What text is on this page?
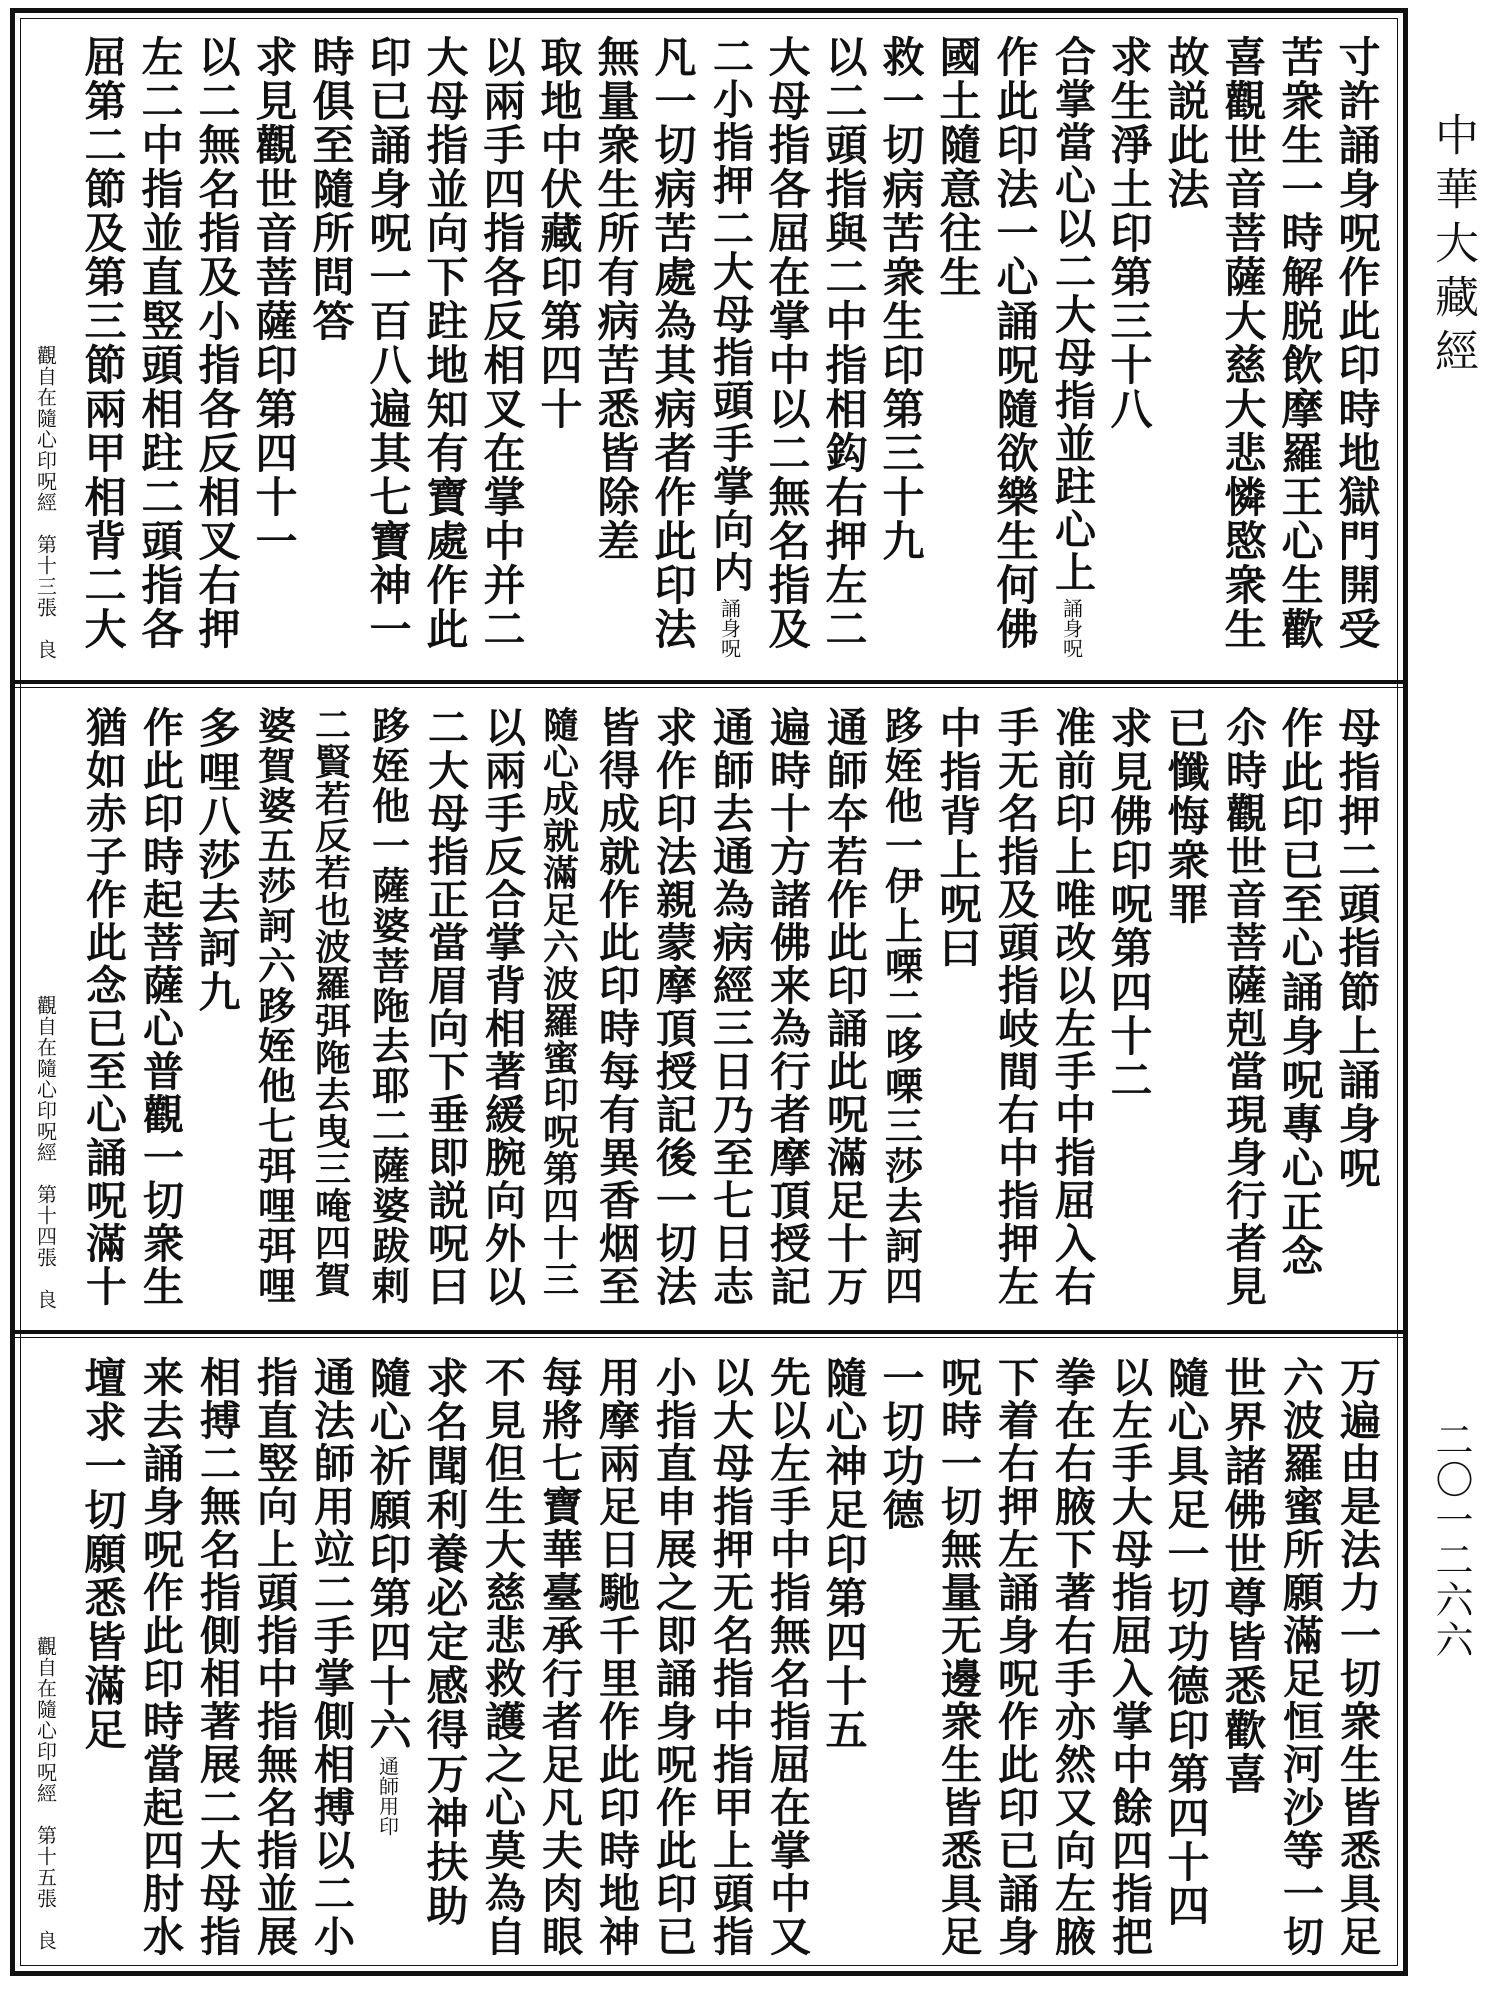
寸許誦身呪作此印時地獄門開受
苦衆生一時解脱飲摩羅王心生歡
喜觀世音菩薩大慈大悲憐愍衆生
故説此法
求生淨土印第三十八
合掌當心以二大母指並跓心上
誦身呪
作此印法一心誦呪隨欲樂生何佛
國土隨意往生
救一切病苦衆生印第三十九
以二頭指與二中指相鈎右押左二
大母指各屈在掌中以二無名指及
二小指押二大母指頭手掌向内
誦身呪
凡一切病苦處為其病者作此印法
無量衆生所有病苦悉皆除差
取地中伏藏印第四十
以兩手四指各反相叉在掌中并二
大母指並向下跓地知有寶處作此
印已誦身呪一百八遍其七寶神一
時俱至隨所問答
求見觀世音菩薩印第四十一
以二無名指及小指各反相叉右押
左二中指並直竪頭相跓二頭指各
屈第二節及第三節兩甲相背二大
觀自在隨心印呪經　第十三張　良
母指押二頭指節上誦身呪
作此印已至心誦身呪專心正念
尒時觀世音菩薩剋當現身行者見
已懺悔衆罪
求見佛印呪第四十二
准前印上唯改以左手中指屈入右
手无名指及頭指岐間右中指押左
中指背上呪曰
跢姪他一伊上㗚二哆㗚三莎去訶四
通師夲若作此印誦此呪滿足十万
遍時十方諸佛来為行者摩頂授記
通師去通為病經三日乃至七日志
求作印法親蒙摩頂授記後一切法
皆得成就作此印時每有異香烟至
隨心成就滿足六波羅蜜印呪第四十三
以兩手反合掌背相著緩腕向外以
二大母指正當眉向下垂即説呪曰
跢姪他一薩婆菩陁去耶二薩婆跋剌
二賢若反若也波羅弭陁去曳三唵四賀
婆賀婆五莎訶六跢姪他七弭哩弭哩
多哩八莎去訶九
作此印時起菩薩心普觀一切衆生
猶如赤子作此念已至心誦呪滿十
觀自在隨心印呪經　第十四張　良
万遍由是法力一切衆生皆悉具足
六波羅蜜所願滿足恒河沙等一切
世界諸佛世尊皆悉歡喜
隨心具足一切功德印第四十四
以左手大母指屈入掌中餘四指把
拳在右腋下著右手亦然又向左腋
下着右押左誦身呪作此印已誦身
呪時一切無量无邊衆生皆悉具足
一切功德
隨心神足印第四十五
先以左手中指無名指屈在掌中又
以大母指押无名指中指甲上頭指
小指直申展之即誦身呪作此印已
用摩兩足日馳千里作此印時地神
每將七寶華臺承行者足凡夫肉眼
不見但生大慈悲救護之心莫為自
求名聞利養必定感得万神扶助
隨心祈願印第四十六
通師用印
通法師用竝二手掌側相搏以二小
指直竪向上頭指中指無名指並展
相搏二無名指側相著展二大母指
来去誦身呪作此印時當起四肘水
壇求一切願悉皆滿足
觀自在隨心印呪經　第十五張　良
中華大藏經
二〇一二六六
